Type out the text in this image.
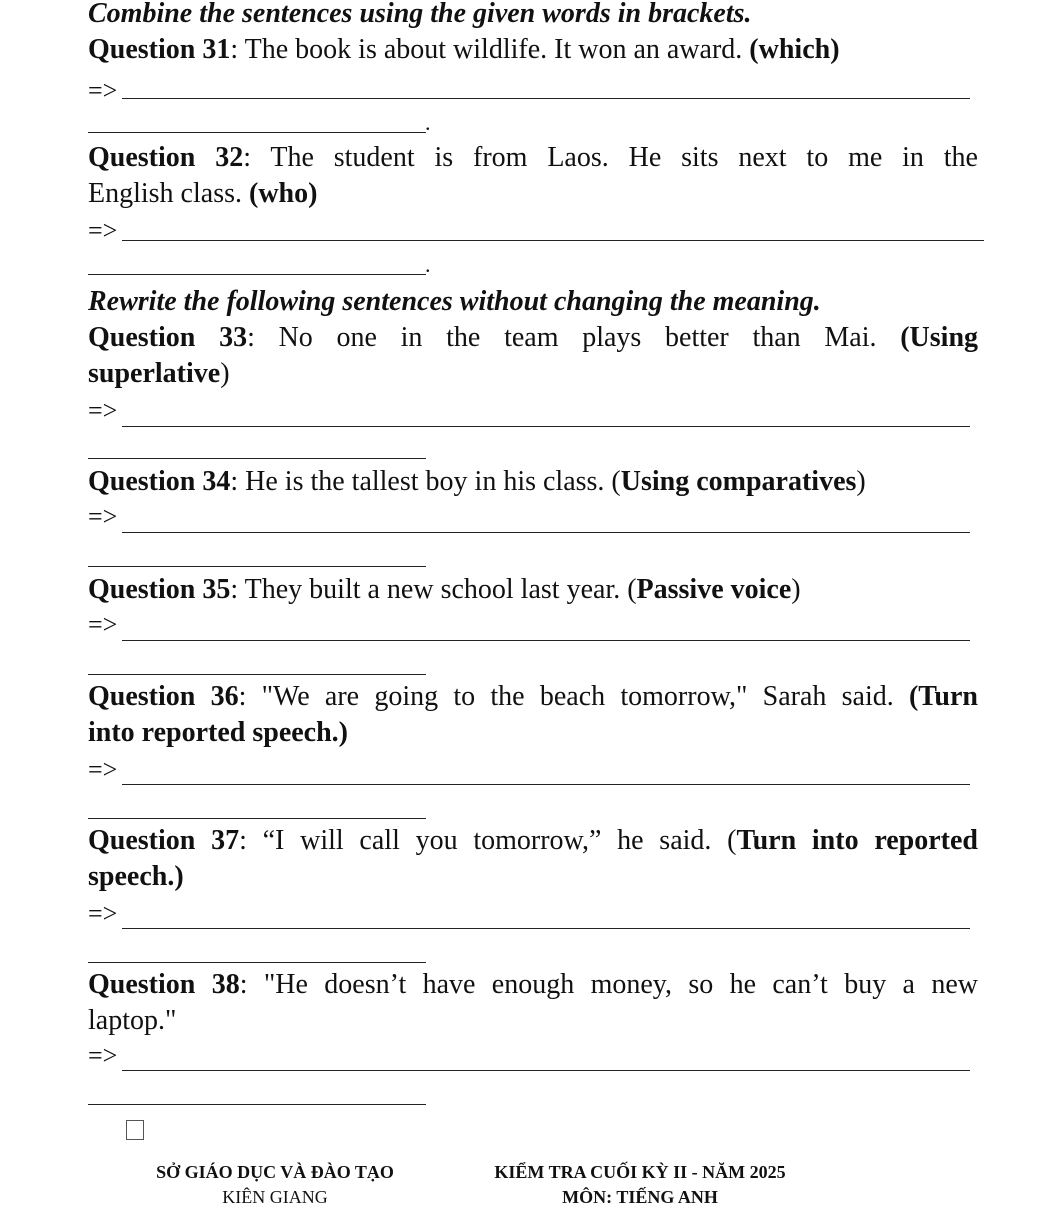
Combine the sentences using the given words in brackets.
Question 31: The book is about wildlife. It won an award. (which)
=>
.
Question 32: The student is from Laos. He sits next to me in the
English class. (who)
=>
.
Rewrite the following sentences without changing the meaning.
Question 33: No one in the team plays better than Mai. (Using
superlative)
=>
Question 34: He is the tallest boy in his class. (Using comparatives)
=>
Question 35: They built a new school last year. (Passive voice)
=>
Question 36: "We are going to the beach tomorrow," Sarah said. (Turn
into reported speech.)
=>
Question 37: “I will call you tomorrow,” he said. (Turn into reported
speech.)
=>
Question 38: "He doesn’t have enough money, so he can’t buy a new
laptop."
=>
SỞ GIÁO DỤC VÀ ĐÀO TẠO
KIÊN GIANG
KIỂM TRA CUỐI KỲ II - NĂM 2025
MÔN: TIẾNG ANH
